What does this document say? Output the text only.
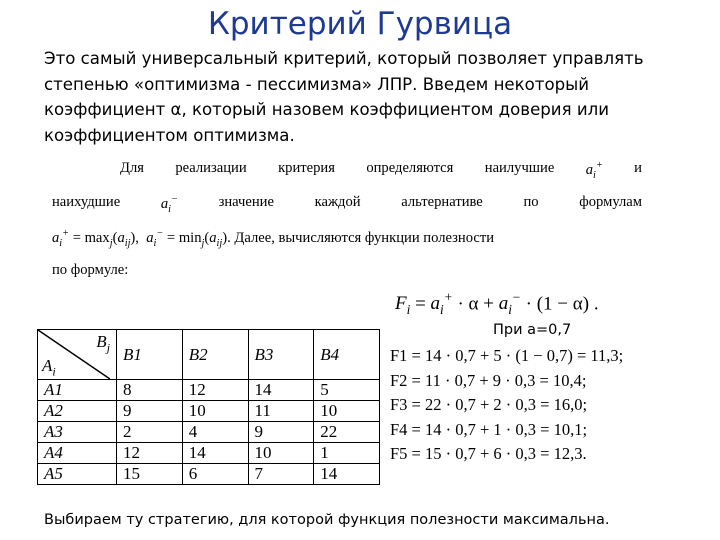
Критерий Гурвица
Это самый универсальный критерий, который позволяет управлять степенью «оптимизма - пессимизма» ЛПР. Введем некоторый коэффициент α, который назовем коэффициентом доверия или коэффициентом оптимизма.
Для реализации критерия определяются наилучшие $a_i^+$ и
наихудшие	$a_i^-$	значение	каждой	альтернативе	по	формулам
$a_i^+ = \max_j(a_{ij})$,  $a_i^- = \min_j(a_{ij})$. Далее, вычисляются функции полезности
по формуле:
$F_i = a_i^+ \cdot \alpha + a_i^- \cdot (1 - \alpha)$ .
При а=0,7
$B_j$
$A_i$	B1	B2	B3	B4
A1	8	12	14	5
A2	9	10	11	10
A3	2	4	9	22
A4	12	14	10	1
A5	15	6	7	14
F1 = 14 · 0,7 + 5 · (1 − 0,7) = 11,3;
F2 = 11 · 0,7 + 9 · 0,3 = 10,4;
F3 = 22 · 0,7 + 2 · 0,3 = 16,0;
F4 = 14 · 0,7 + 1 · 0,3 = 10,1;
F5 = 15 · 0,7 + 6 · 0,3 = 12,3.
Выбираем ту стратегию, для которой функция полезности максимальна.
